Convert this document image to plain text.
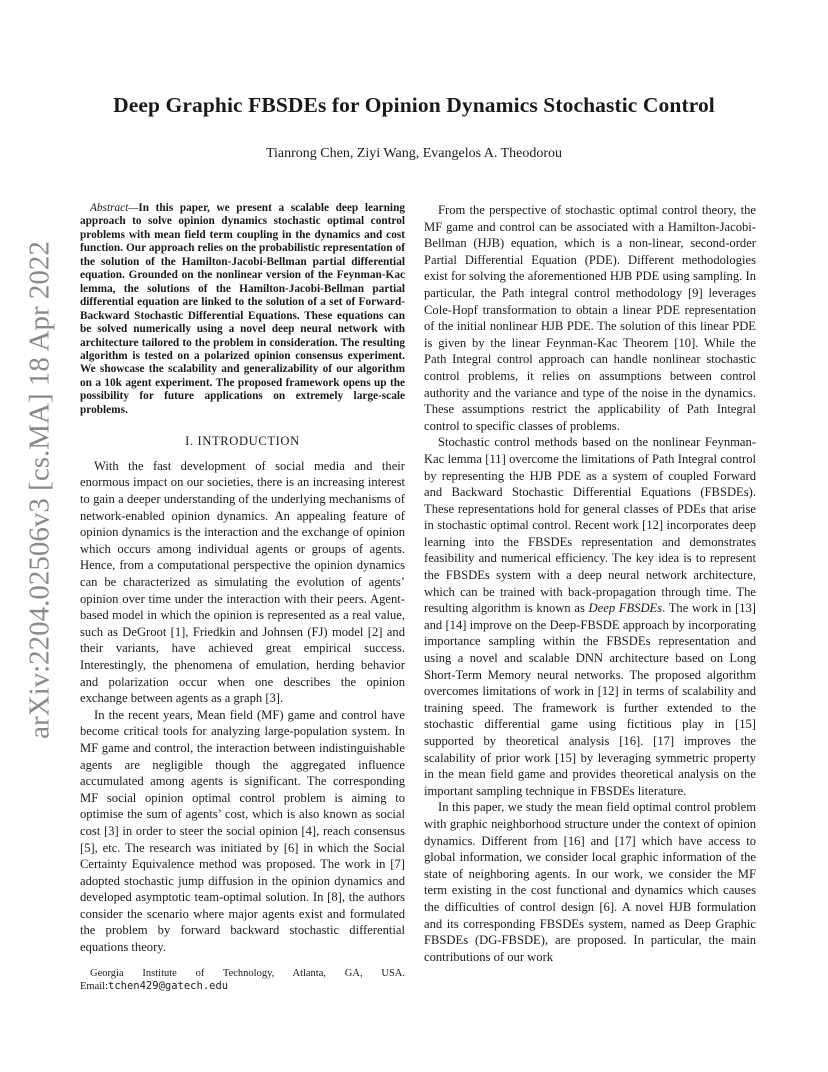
Deep Graphic FBSDEs for Opinion Dynamics Stochastic Control
Tianrong Chen, Ziyi Wang, Evangelos A. Theodorou
arXiv:2204.02506v3 [cs.MA] 18 Apr 2022
Abstract—In this paper, we present a scalable deep learning approach to solve opinion dynamics stochastic optimal control problems with mean field term coupling in the dynamics and cost function. Our approach relies on the probabilistic representation of the solution of the Hamilton-Jacobi-Bellman partial differential equation. Grounded on the nonlinear version of the Feynman-Kac lemma, the solutions of the Hamilton-Jacobi-Bellman partial differential equation are linked to the solution of a set of Forward-Backward Stochastic Differential Equations. These equations can be solved numerically using a novel deep neural network with architecture tailored to the problem in consideration. The resulting algorithm is tested on a polarized opinion consensus experiment. We showcase the scalability and generalizability of our algorithm on a 10k agent experiment. The proposed framework opens up the possibility for future applications on extremely large-scale problems.
I. INTRODUCTION

With the fast development of social media and their enormous impact on our societies, there is an increasing interest to gain a deeper understanding of the underlying mechanisms of network-enabled opinion dynamics. An appealing feature of opinion dynamics is the interaction and the exchange of opinion which occurs among individual agents or groups of agents. Hence, from a computational perspective the opinion dynamics can be characterized as simulating the evolution of agents’ opinion over time under the interaction with their peers. Agent-based model in which the opinion is represented as a real value, such as DeGroot [1], Friedkin and Johnsen (FJ) model [2] and their variants, have achieved great empirical success. Interestingly, the phenomena of emulation, herding behavior and polarization occur when one describes the opinion exchange between agents as a graph [3].

In the recent years, Mean field (MF) game and control have become critical tools for analyzing large-population system. In MF game and control, the interaction between indistinguishable agents are negligible though the aggregated influence accumulated among agents is significant. The corresponding MF social opinion optimal control problem is aiming to optimise the sum of agents’ cost, which is also known as social cost [3] in order to steer the social opinion [4], reach consensus [5], etc. The research was initiated by [6] in which the Social Certainty Equivalence method was proposed. The work in [7] adopted stochastic jump diffusion in the opinion dynamics and developed asymptotic team-optimal solution. In [8], the authors consider the scenario where major agents exist and formulated the problem by forward backward stochastic differential equations theory.

From the perspective of stochastic optimal control theory, the MF game and control can be associated with a Hamilton-Jacobi-Bellman (HJB) equation, which is a non-linear, second-order Partial Differential Equation (PDE). Different methodologies exist for solving the aforementioned HJB PDE using sampling. In particular, the Path integral control methodology [9] leverages Cole-Hopf transformation to obtain a linear PDE representation of the initial nonlinear HJB PDE. The solution of this linear PDE is given by the linear Feynman-Kac Theorem [10]. While the Path Integral control approach can handle nonlinear stochastic control problems, it relies on assumptions between control authority and the variance and type of the noise in the dynamics. These assumptions restrict the applicability of Path Integral control to specific classes of problems.

Stochastic control methods based on the nonlinear Feynman-Kac lemma [11] overcome the limitations of Path Integral control by representing the HJB PDE as a system of coupled Forward and Backward Stochastic Differential Equations (FBSDEs). These representations hold for general classes of PDEs that arise in stochastic optimal control. Recent work [12] incorporates deep learning into the FBSDEs representation and demonstrates feasibility and numerical efficiency. The key idea is to represent the FBSDEs system with a deep neural network architecture, which can be trained with back-propagation through time. The resulting algorithm is known as Deep FBSDEs. The work in [13] and [14] improve on the Deep-FBSDE approach by incorporating importance sampling within the FBSDEs representation and using a novel and scalable DNN architecture based on Long Short-Term Memory neural networks. The proposed algorithm overcomes limitations of work in [12] in terms of scalability and training speed. The framework is further extended to the stochastic differential game using fictitious play in [15] supported by theoretical analysis [16]. [17] improves the scalability of prior work [15] by leveraging symmetric property in the mean field game and provides theoretical analysis on the important sampling technique in FBSDEs literature.

In this paper, we study the mean field optimal control problem with graphic neighborhood structure under the context of opinion dynamics. Different from [16] and [17] which have access to global information, we consider local graphic information of the state of neighboring agents. In our work, we consider the MF term existing in the cost functional and dynamics which causes the difficulties of control design [6]. A novel HJB formulation and its corresponding FBSDEs system, named as Deep Graphic FBSDEs (DG-FBSDE), are proposed. In particular, the main contributions of our work

Georgia Institute of Technology, Atlanta, GA, USA.
Email:tchen429@gatech.edu
